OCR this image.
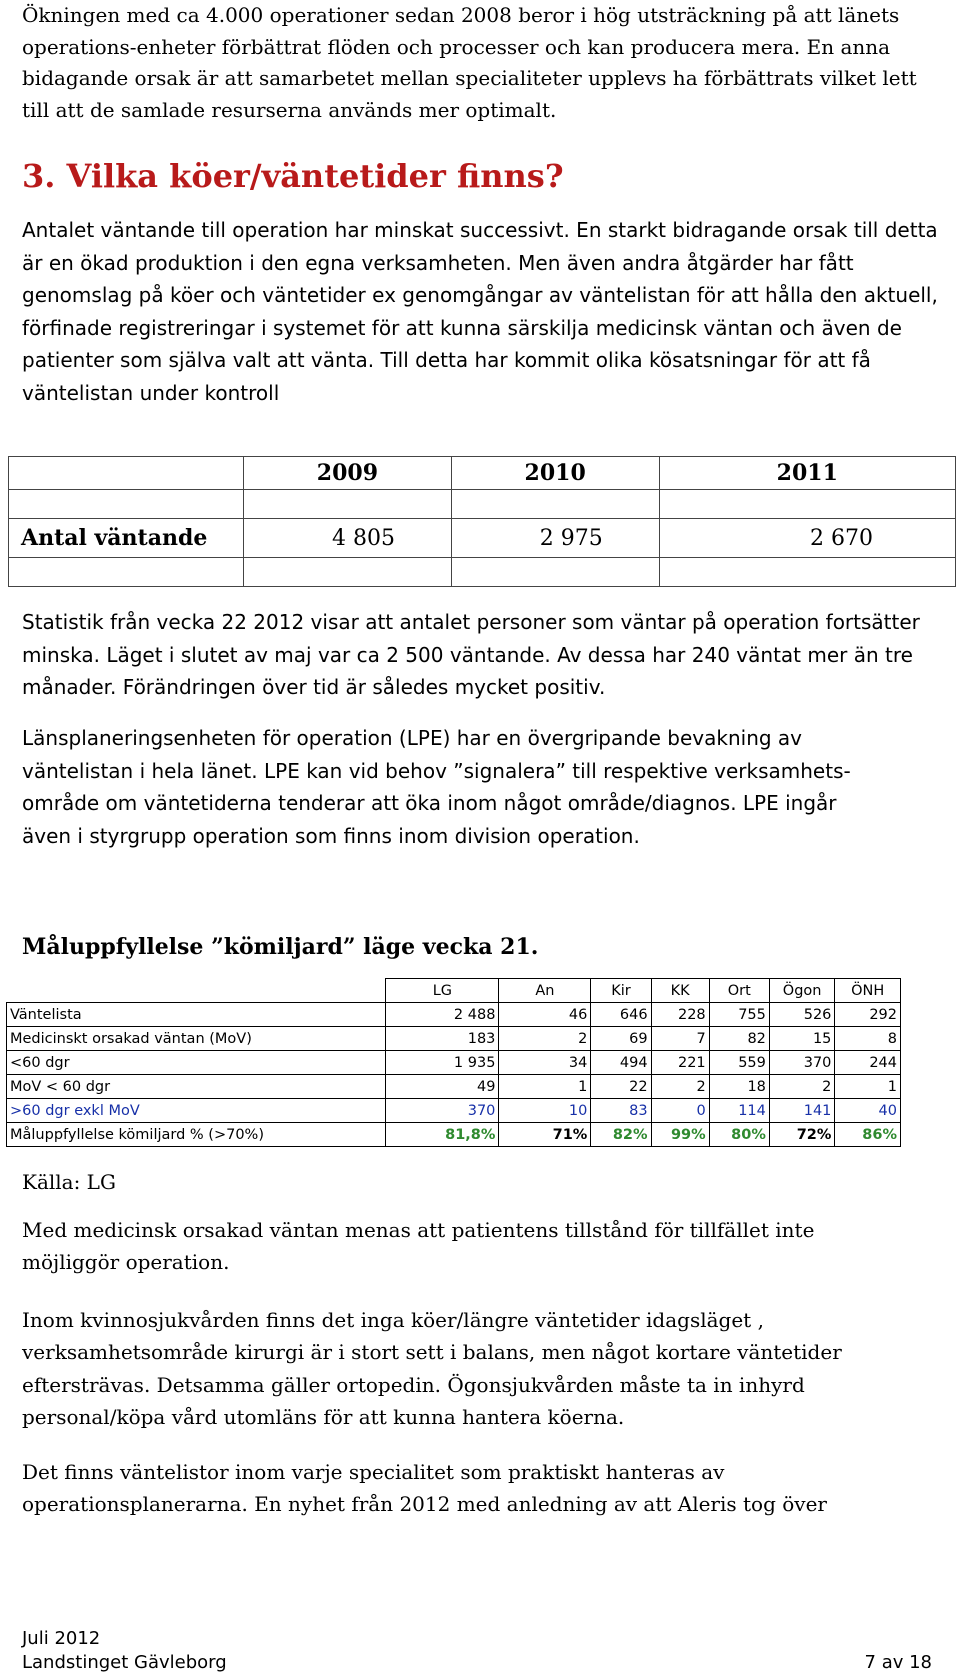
Ökningen med ca 4.000 operationer sedan 2008 beror i hög utsträckning på att länets operations-enheter förbättrat flöden och processer och kan producera mera. En anna bidagande orsak är att samarbetet mellan specialiteter upplevs ha förbättrats vilket lett till att de samlade resurserna används mer optimalt.

3. Vilka köer/väntetider finns?

Antalet väntande till operation har minskat successivt. En starkt bidragande orsak till detta är en ökad produktion i den egna verksamheten. Men även andra åtgärder har fått genomslag på köer och väntetider ex genomgångar av väntelistan för att hålla den aktuell, förfinade registreringar i systemet för att kunna särskilja medicinsk väntan och även de patienter som själva valt att vänta. Till detta har kommit olika kösatsningar för att få väntelistan under kontroll

	2009	2010	2011

Antal väntande	4 805	2 975	2 670

Statistik från vecka 22 2012 visar att antalet personer som väntar på operation fortsätter minska. Läget i slutet av maj var ca 2 500 väntande. Av dessa har 240 väntat mer än tre månader. Förändringen över tid är således mycket positiv.

Länsplaneringsenheten för operation (LPE) har en övergripande bevakning av väntelistan i hela länet. LPE kan vid behov ”signalera” till respektive verksamhets-område om väntetiderna tenderar att öka inom något område/diagnos. LPE ingår även i styrgrupp operation som finns inom division operation.

Måluppfyllelse ”kömiljard” läge vecka 21.
	LG	An	Kir	KK	Ort	Ögon	ÖNH
Väntelista	2 488	46	646	228	755	526	292
Medicinskt orsakad väntan (MoV)	183	2	69	7	82	15	8
<60 dgr	1 935	34	494	221	559	370	244
MoV < 60 dgr	49	1	22	2	18	2	1
>60 dgr exkl MoV	370	10	83	0	114	141	40
Måluppfyllelse kömiljard % (>70%)	81,8%	71%	82%	99%	80%	72%	86%

Källa: LG

Med medicinsk orsakad väntan menas att patientens tillstånd för tillfället inte möjliggör operation.

Inom kvinnosjukvården finns det inga köer/längre väntetider idagsläget , verksamhetsområde kirurgi är i stort sett i balans, men något kortare väntetider eftersträvas. Detsamma gäller ortopedin. Ögonsjukvården måste ta in inhyrd personal/köpa vård utomläns för att kunna hantera köerna.

Det finns väntelistor inom varje specialitet som praktiskt hanteras av operationsplanerarna. En nyhet från 2012 med anledning av att Aleris tog över

Juli 2012

Landstinget Gävleborg	7 av 18
